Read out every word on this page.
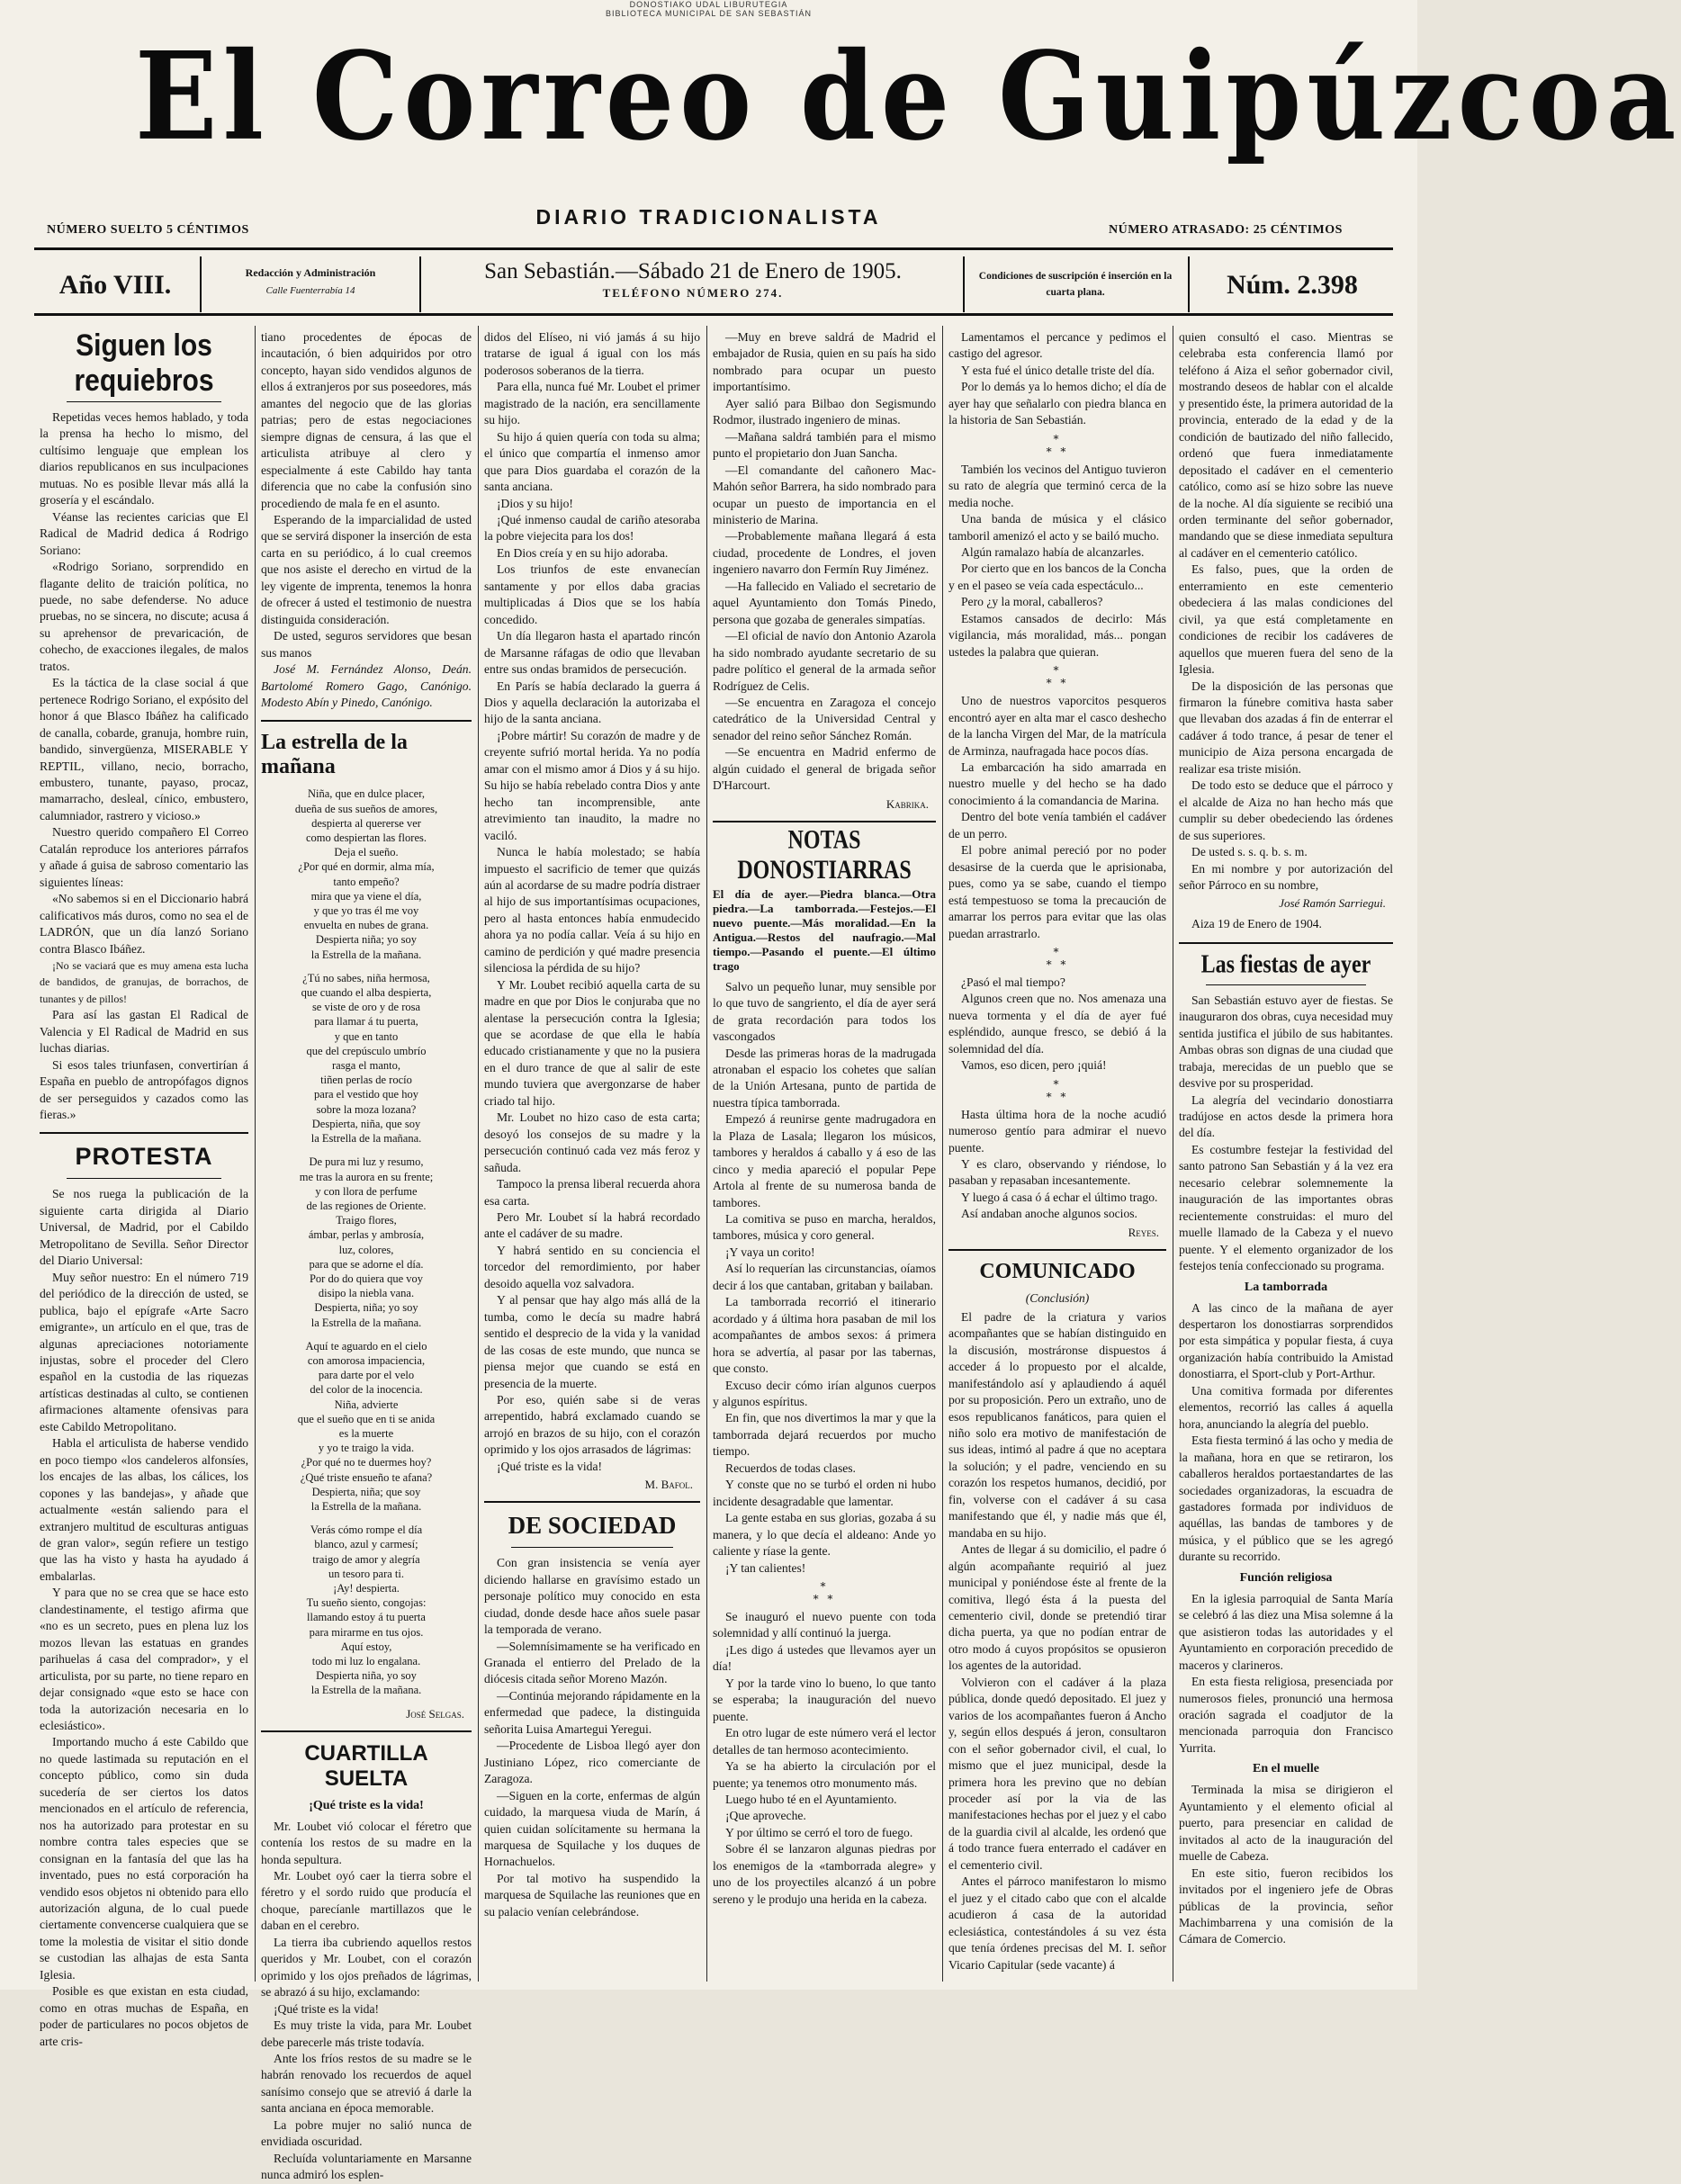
DONOSTIAKO UDAL LIBURUTEGIA
BIBLIOTECA MUNICIPAL DE SAN SEBASTIÁN
El Correo de Guipúzcoa
DIARIO TRADICIONALISTA
NÚMERO SUELTO 5 CÉNTIMOS	NÚMERO ATRASADO: 25 CÉNTIMOS
Año VIII.	Redacción y Administración
Calle Fuenterrabía 14
San Sebastián.—Sábado 21 de Enero de 1905.
TELÉFONO NÚMERO 274.
Condiciones de suscripción é inserción en la cuarta plana.	Núm. 2.398
Siguen los requiebros

Repetidas veces hemos hablado, y toda la prensa ha hecho lo mismo, del cultísimo lenguaje que emplean los diarios republicanos en sus inculpaciones mutuas. No es posible llevar más allá la grosería y el escándalo.

Véanse las recientes caricias que El Radical de Madrid dedica á Rodrigo Soriano:

«Rodrigo Soriano, sorprendido en flagante delito de traición política, no puede, no sabe defenderse. No aduce pruebas, no se sincera, no discute; acusa á su aprehensor de prevaricación, de cohecho, de exacciones ilegales, de malos tratos.

Es la táctica de la clase social á que pertenece Rodrigo Soriano, el expósito del honor á que Blasco Ibáñez ha calificado de canalla, cobarde, granuja, hombre ruin, bandido, sinvergüenza, MISERABLE Y REPTIL, villano, necio, borracho, embustero, tunante, payaso, procaz, mamarracho, desleal, cínico, embustero, calumniador, rastrero y vicioso.»

Nuestro querido compañero El Correo Catalán reproduce los anteriores párrafos y añade á guisa de sabroso comentario las siguientes líneas:

«No sabemos si en el Diccionario habrá calificativos más duros, como no sea el de LADRÓN, que un día lanzó Soriano contra Blasco Ibáñez.

¡No se vaciará que es muy amena esta lucha de bandidos, de granujas, de borrachos, de tunantes y de pillos!

Para así las gastan El Radical de Valencia y El Radical de Madrid en sus luchas diarias.

Si esos tales triunfasen, convertirían á España en pueblo de antropófagos dignos de ser perseguidos y cazados como las fieras.»

PROTESTA

Se nos ruega la publicación de la siguiente carta dirigida al Diario Universal, de Madrid, por el Cabildo Metropolitano de Sevilla. Señor Director del Diario Universal:

Muy señor nuestro: En el número 719 del periódico de la dirección de usted, se publica, bajo el epígrafe «Arte Sacro emigrante», un artículo en el que, tras de algunas apreciaciones notoriamente injustas, sobre el proceder del Clero español en la custodia de las riquezas artísticas destinadas al culto, se contienen afirmaciones altamente ofensivas para este Cabildo Metropolitano.

Habla el articulista de haberse vendido en poco tiempo «los candeleros alfonsíes, los encajes de las albas, los cálices, los copones y las bandejas», y añade que actualmente «están saliendo para el extranjero multitud de esculturas antiguas de gran valor», según refiere un testigo que las ha visto y hasta ha ayudado á embalarlas.

Y para que no se crea que se hace esto clandestinamente, el testigo afirma que «no es un secreto, pues en plena luz los mozos llevan las estatuas en grandes parihuelas á casa del comprador», y el articulista, por su parte, no tiene reparo en dejar consignado «que esto se hace con toda la autorización necesaria en lo eclesiástico».

Importando mucho á este Cabildo que no quede lastimada su reputación en el concepto público, como sin duda sucedería de ser ciertos los datos mencionados en el artículo de referencia, nos ha autorizado para protestar en su nombre contra tales especies que se consignan en la fantasía del que las ha inventado, pues no está corporación ha vendido esos objetos ni obtenido para ello autorización alguna, de lo cual puede ciertamente convencerse cualquiera que se tome la molestia de visitar el sitio donde se custodian las alhajas de esta Santa Iglesia.

Posible es que existan en esta ciudad, como en otras muchas de España, en poder de particulares no pocos objetos de arte cris-

tiano procedentes de épocas de incautación, ó bien adquiridos por otro concepto, hayan sido vendidos algunos de ellos á extranjeros por sus poseedores, más amantes del negocio que de las glorias patrias; pero de estas negociaciones siempre dignas de censura, á las que el articulista atribuye al clero y especialmente á este Cabildo hay tanta diferencia que no cabe la confusión sino procediendo de mala fe en el asunto.

Esperando de la imparcialidad de usted que se servirá disponer la inserción de esta carta en su periódico, á lo cual creemos que nos asiste el derecho en virtud de la ley vigente de imprenta, tenemos la honra de ofrecer á usted el testimonio de nuestra distinguida consideración.

De usted, seguros servidores que besan sus manos

José M. Fernández Alonso, Deán. Bartolomé Romero Gago, Canónigo. Modesto Abín y Pinedo, Canónigo.

La estrella de la mañana
Niña, que en dulce placer,
dueña de sus sueños de amores,
despierta al quererse ver
como despiertan las flores.
Deja el sueño.
¿Por qué en dormir, alma mía,
tanto empeño?
mira que ya viene el día,
y que yo tras él me voy
envuelta en nubes de grana.
Despierta niña; yo soy
la Estrella de la mañana.
¿Tú no sabes, niña hermosa,
que cuando el alba despierta,
se viste de oro y de rosa
para llamar á tu puerta,
y que en tanto
que del crepúsculo umbrío
rasga el manto,
tiñen perlas de rocío
para el vestido que hoy
sobre la moza lozana?
Despierta, niña, que soy
la Estrella de la mañana.
De pura mi luz y resumo,
me tras la aurora en su frente;
y con llora de perfume
de las regiones de Oriente.
Traigo flores,
ámbar, perlas y ambrosía,
luz, colores,
para que se adorne el día.
Por do do quiera que voy
disipo la niebla vana.
Despierta, niña; yo soy
la Estrella de la mañana.
Aquí te aguardo en el cielo
con amorosa impaciencia,
para darte por el velo
del color de la inocencia.
Niña, advierte
que el sueño que en ti se anida
es la muerte
y yo te traigo la vida.
¿Por qué no te duermes hoy?
¿Qué triste ensueño te afana?
Despierta, niña; que soy
la Estrella de la mañana.
Verás cómo rompe el día
blanco, azul y carmesí;
traigo de amor y alegría
un tesoro para ti.
¡Ay! despierta.
Tu sueño siento, congojas:
llamando estoy á tu puerta
para mirarme en tus ojos.
Aquí estoy,
todo mi luz lo engalana.
Despierta niña, yo soy
la Estrella de la mañana.
José Selgas.
CUARTILLA SUELTA
¡Qué triste es la vida!

Mr. Loubet vió colocar el féretro que contenía los restos de su madre en la honda sepultura.

Mr. Loubet oyó caer la tierra sobre el féretro y el sordo ruido que producía el choque, parecíanle martillazos que le daban en el cerebro.

La tierra iba cubriendo aquellos restos queridos y Mr. Loubet, con el corazón oprimido y los ojos preñados de lágrimas, se abrazó á su hijo, exclamando:

¡Qué triste es la vida!

Es muy triste la vida, para Mr. Loubet debe parecerle más triste todavía.

Ante los fríos restos de su madre se le habrán renovado los recuerdos de aquel sanísimo consejo que se atrevió á darle la santa anciana en época memorable.

La pobre mujer no salió nunca de envidiada oscuridad.

Recluída voluntariamente en Marsanne nunca admiró los esplen-

didos del Elíseo, ni vió jamás á su hijo tratarse de igual á igual con los más poderosos soberanos de la tierra.

Para ella, nunca fué Mr. Loubet el primer magistrado de la nación, era sencillamente su hijo.

Su hijo á quien quería con toda su alma; el único que compartía el inmenso amor que para Dios guardaba el corazón de la santa anciana.

¡Dios y su hijo!

¡Qué inmenso caudal de cariño atesoraba la pobre viejecita para los dos!

En Dios creía y en su hijo adoraba.

Los triunfos de este envanecían santamente y por ellos daba gracias multiplicadas á Dios que se los había concedido.

Un día llegaron hasta el apartado rincón de Marsanne ráfagas de odio que llevaban entre sus ondas bramidos de persecución.

En París se había declarado la guerra á Dios y aquella declaración la autorizaba el hijo de la santa anciana.

¡Pobre mártir! Su corazón de madre y de creyente sufrió mortal herida. Ya no podía amar con el mismo amor á Dios y á su hijo. Su hijo se había rebelado contra Dios y ante hecho tan incomprensible, ante atrevimiento tan inaudito, la madre no vaciló.

Nunca le había molestado; se había impuesto el sacrificio de temer que quizás aún al acordarse de su madre podría distraer al hijo de sus importantísimas ocupaciones, pero al hasta entonces había enmudecido ahora ya no podía callar. Veía á su hijo en camino de perdición y qué madre presencia silenciosa la pérdida de su hijo?

Y Mr. Loubet recibió aquella carta de su madre en que por Dios le conjuraba que no alentase la persecución contra la Iglesia; que se acordase de que ella le había educado cristianamente y que no la pusiera en el duro trance de que al salir de este mundo tuviera que avergonzarse de haber criado tal hijo.

Mr. Loubet no hizo caso de esta carta; desoyó los consejos de su madre y la persecución continuó cada vez más feroz y sañuda.

Tampoco la prensa liberal recuerda ahora esa carta.

Pero Mr. Loubet sí la habrá recordado ante el cadáver de su madre.

Y habrá sentido en su conciencia el torcedor del remordimiento, por haber desoido aquella voz salvadora.

Y al pensar que hay algo más allá de la tumba, como le decía su madre habrá sentido el desprecio de la vida y la vanidad de las cosas de este mundo, que nunca se piensa mejor que cuando se está en presencia de la muerte.

Por eso, quién sabe si de veras arrepentido, habrá exclamado cuando se arrojó en brazos de su hijo, con el corazón oprimido y los ojos arrasados de lágrimas:

¡Qué triste es la vida!

M. Bafol.
DE SOCIEDAD

Con gran insistencia se venía ayer diciendo hallarse en gravísimo estado un personaje político muy conocido en esta ciudad, donde desde hace años suele pasar la temporada de verano.

—Solemnísimamente se ha verificado en Granada el entierro del Prelado de la diócesis citada señor Moreno Mazón.

—Continúa mejorando rápidamente en la enfermedad que padece, la distinguida señorita Luisa Amartegui Yeregui.

—Procedente de Lisboa llegó ayer don Justiniano López, rico comerciante de Zaragoza.

—Siguen en la corte, enfermas de algún cuidado, la marquesa viuda de Marín, á quien cuidan solícitamente su hermana la marquesa de Squilache y los duques de Hornachuelos.

Por tal motivo ha suspendido la marquesa de Squilache las reuniones que en su palacio venían celebrándose.

—Muy en breve saldrá de Madrid el embajador de Rusia, quien en su país ha sido nombrado para ocupar un puesto importantísimo.

Ayer salió para Bilbao don Segismundo Rodmor, ilustrado ingeniero de minas.

—Mañana saldrá también para el mismo punto el propietario don Juan Sancha.

—El comandante del cañonero Mac-Mahón señor Barrera, ha sido nombrado para ocupar un puesto de importancia en el ministerio de Marina.

—Probablemente mañana llegará á esta ciudad, procedente de Londres, el joven ingeniero navarro don Fermín Ruy Jiménez.

—Ha fallecido en Valiado el secretario de aquel Ayuntamiento don Tomás Pinedo, persona que gozaba de generales simpatías.

—El oficial de navío don Antonio Azarola ha sido nombrado ayudante secretario de su padre político el general de la armada señor Rodríguez de Celis.

—Se encuentra en Zaragoza el concejo catedrático de la Universidad Central y senador del reino señor Sánchez Román.

—Se encuentra en Madrid enfermo de algún cuidado el general de brigada señor D'Harcourt.

Kabrika.
NOTAS DONOSTIARRAS
El día de ayer.—Piedra blanca.—Otra piedra.—La tamborrada.—Festejos.—El nuevo puente.—Más moralidad.—En la Antigua.—Restos del naufragio.—Mal tiempo.—Pasando el puente.—El último trago

Salvo un pequeño lunar, muy sensible por lo que tuvo de sangriento, el día de ayer será de grata recordación para todos los vascongados

Desde las primeras horas de la madrugada atronaban el espacio los cohetes que salían de la Unión Artesana, punto de partida de nuestra típica tamborrada.

Empezó á reunirse gente madrugadora en la Plaza de Lasala; llegaron los músicos, tambores y heraldos á caballo y á eso de las cinco y media apareció el popular Pepe Artola al frente de su numerosa banda de tambores.

La comitiva se puso en marcha, heraldos, tambores, música y coro general.

¡Y vaya un corito!

Así lo requerían las circunstancias, oíamos decir á los que cantaban, gritaban y bailaban.

La tamborrada recorrió el itinerario acordado y á última hora pasaban de mil los acompañantes de ambos sexos: á primera hora se advertía, al pasar por las tabernas, que consto.

Excuso decir cómo irían algunos cuerpos y algunos espíritus.

En fin, que nos divertimos la mar y que la tamborrada dejará recuerdos por mucho tiempo.

Recuerdos de todas clases.

Y conste que no se turbó el orden ni hubo incidente desagradable que lamentar.

La gente estaba en sus glorias, gozaba á su manera, y lo que decía el aldeano: Ande yo caliente y ríase la gente.

¡Y tan calientes!

*
* *

Se inauguró el nuevo puente con toda solemnidad y allí continuó la juerga.

¡Les digo á ustedes que llevamos ayer un día!

Y por la tarde vino lo bueno, lo que tanto se esperaba; la inauguración del nuevo puente.

En otro lugar de este número verá el lector detalles de tan hermoso acontecimiento.

Ya se ha abierto la circulación por el puente; ya tenemos otro monumento más.

Luego hubo té en el Ayuntamiento.

¡Que aproveche.

Y por último se cerró el toro de fuego.

Sobre él se lanzaron algunas piedras por los enemigos de la «tamborrada alegre» y uno de los proyectiles alcanzó á un pobre sereno y le produjo una herida en la cabeza.

Lamentamos el percance y pedimos el castigo del agresor.

Y esta fué el único detalle triste del día.

Por lo demás ya lo hemos dicho; el día de ayer hay que señalarlo con piedra blanca en la historia de San Sebastián.

*
* *

También los vecinos del Antiguo tuvieron su rato de alegría que terminó cerca de la media noche.

Una banda de música y el clásico tamboril amenizó el acto y se bailó mucho.

Algún ramalazo había de alcanzarles.

Por cierto que en los bancos de la Concha y en el paseo se veía cada espectáculo...

Pero ¿y la moral, caballeros?

Estamos cansados de decirlo: Más vigilancia, más moralidad, más... pongan ustedes la palabra que quieran.

*
* *

Uno de nuestros vaporcitos pesqueros encontró ayer en alta mar el casco deshecho de la lancha Virgen del Mar, de la matrícula de Arminza, naufragada hace pocos días.

La embarcación ha sido amarrada en nuestro muelle y del hecho se ha dado conocimiento á la comandancia de Marina.

Dentro del bote venía también el cadáver de un perro.

El pobre animal pereció por no poder desasirse de la cuerda que le aprisionaba, pues, como ya se sabe, cuando el tiempo está tempestuoso se toma la precaución de amarrar los perros para evitar que las olas puedan arrastrarlo.

*
* *

¿Pasó el mal tiempo?

Algunos creen que no. Nos amenaza una nueva tormenta y el día de ayer fué espléndido, aunque fresco, se debió á la solemnidad del día.

Vamos, eso dicen, pero ¡quiá!

*
* *

Hasta última hora de la noche acudió numeroso gentío para admirar el nuevo puente.

Y es claro, observando y riéndose, lo pasaban y repasaban incesantemente.

Y luego á casa ó á echar el último trago.

Así andaban anoche algunos socios.

Reyes.
COMUNICADO
(Conclusión)

El padre de la criatura y varios acompañantes que se habían distinguido en la discusión, mostráronse dispuestos á acceder á lo propuesto por el alcalde, manifestándolo así y aplaudiendo á aquél por su proposición. Pero un extraño, uno de esos republicanos fanáticos, para quien el niño solo era motivo de manifestación de sus ideas, intimó al padre á que no aceptara la solución; y el padre, venciendo en su corazón los respetos humanos, decidió, por fin, volverse con el cadáver á su casa manifestando que él, y nadie más que él, mandaba en su hijo.

Antes de llegar á su domicilio, el padre ó algún acompañante requirió al juez municipal y poniéndose éste al frente de la comitiva, llegó ésta á la puesta del cementerio civil, donde se pretendió tirar dicha puerta, ya que no podían entrar de otro modo á cuyos propósitos se opusieron los agentes de la autoridad.

Volvieron con el cadáver á la plaza pública, donde quedó depositado. El juez y varios de los acompañantes fueron á Ancho y, según ellos después á jeron, consultaron con el señor gobernador civil, el cual, lo mismo que el juez municipal, desde la primera hora les previno que no debían proceder así por la via de las manifestaciones hechas por el juez y el cabo de la guardia civil al alcalde, les ordenó que á todo trance fuera enterrado el cadáver en el cementerio civil.

Antes el párroco manifestaron lo mismo el juez y el citado cabo que con el alcalde acudieron á casa de la autoridad eclesiástica, contestándoles á su vez ésta que tenía órdenes precisas del M. I. señor Vicario Capitular (sede vacante) á

quien consultó el caso. Mientras se celebraba esta conferencia llamó por teléfono á Aiza el señor gobernador civil, mostrando deseos de hablar con el alcalde y presentido éste, la primera autoridad de la provincia, enterado de la edad y de la condición de bautizado del niño fallecido, ordenó que fuera inmediatamente depositado el cadáver en el cementerio católico, como así se hizo sobre las nueve de la noche. Al día siguiente se recibió una orden terminante del señor gobernador, mandando que se diese inmediata sepultura al cadáver en el cementerio católico.

Es falso, pues, que la orden de enterramiento en este cementerio obedeciera á las malas condiciones del civil, ya que está completamente en condiciones de recibir los cadáveres de aquellos que mueren fuera del seno de la Iglesia.

De la disposición de las personas que firmaron la fúnebre comitiva hasta saber que llevaban dos azadas á fin de enterrar el cadáver á todo trance, á pesar de tener el municipio de Aiza persona encargada de realizar esa triste misión.

De todo esto se deduce que el párroco y el alcalde de Aiza no han hecho más que cumplir su deber obedeciendo las órdenes de sus superiores.

De usted s. s. q. b. s. m.

En mi nombre y por autorización del señor Párroco en su nombre,

José Ramón Sarriegui.

Aiza 19 de Enero de 1904.

Las fiestas de ayer

San Sebastián estuvo ayer de fiestas. Se inauguraron dos obras, cuya necesidad muy sentida justifica el júbilo de sus habitantes. Ambas obras son dignas de una ciudad que trabaja, merecidas de un pueblo que se desvive por su prosperidad.

La alegría del vecindario donostiarra tradújose en actos desde la primera hora del día.

Es costumbre festejar la festividad del santo patrono San Sebastián y á la vez era necesario celebrar solemnemente la inauguración de las importantes obras recientemente construidas: el muro del muelle llamado de la Cabeza y el nuevo puente. Y el elemento organizador de los festejos tenía confeccionado su programa.

La tamborrada

A las cinco de la mañana de ayer despertaron los donostiarras sorprendidos por esta simpática y popular fiesta, á cuya organización había contribuido la Amistad donostiarra, el Sport-club y Port-Arthur.

Una comitiva formada por diferentes elementos, recorrió las calles á aquella hora, anunciando la alegría del pueblo.

Esta fiesta terminó á las ocho y media de la mañana, hora en que se retiraron, los caballeros heraldos portaestandartes de las sociedades organizadoras, la escuadra de gastadores formada por individuos de aquéllas, las bandas de tambores y de música, y el público que se les agregó durante su recorrido.

Función religiosa

En la iglesia parroquial de Santa María se celebró á las diez una Misa solemne á la que asistieron todas las autoridades y el Ayuntamiento en corporación precedido de maceros y clarineros.

En esta fiesta religiosa, presenciada por numerosos fieles, pronunció una hermosa oración sagrada el coadjutor de la mencionada parroquia don Francisco Yurrita.

En el muelle

Terminada la misa se dirigieron el Ayuntamiento y el elemento oficial al puerto, para presenciar en calidad de invitados al acto de la inauguración del muelle de Cabeza.

En este sitio, fueron recibidos los invitados por el ingeniero jefe de Obras públicas de la provincia, señor Machimbarrena y una comisión de la Cámara de Comercio.
